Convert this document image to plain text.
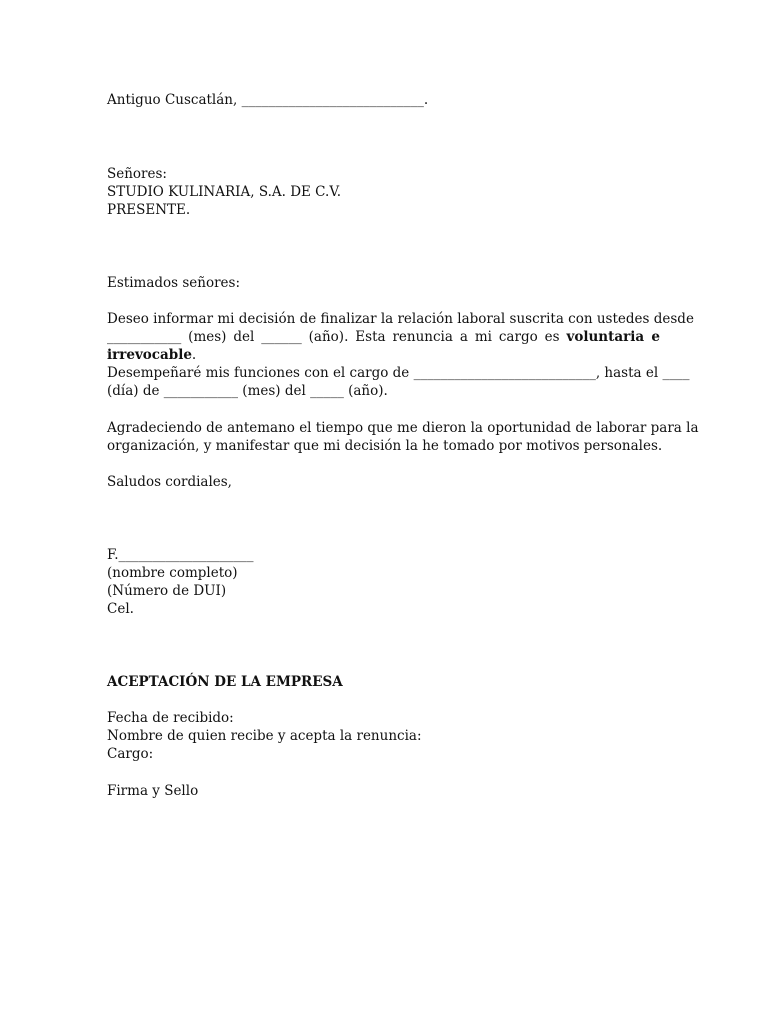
Antiguo Cuscatlán, ___________________________.
Señores:
STUDIO KULINARIA, S.A. DE C.V.
PRESENTE.
Estimados señores:
Deseo informar mi decisión de finalizar la relación laboral suscrita con ustedes desde
___________ (mes) del ______ (año). Esta renuncia a mi cargo es voluntaria e
irrevocable.
Desempeñaré mis funciones con el cargo de ___________________________, hasta el ____
(día) de ___________ (mes) del _____ (año).
Agradeciendo de antemano el tiempo que me dieron la oportunidad de laborar para la
organización, y manifestar que mi decisión la he tomado por motivos personales.
Saludos cordiales,
F.____________________
(nombre completo)
(Número de DUI)
Cel.
ACEPTACIÓN DE LA EMPRESA
Fecha de recibido:
Nombre de quien recibe y acepta la renuncia:
Cargo:
Firma y Sello
